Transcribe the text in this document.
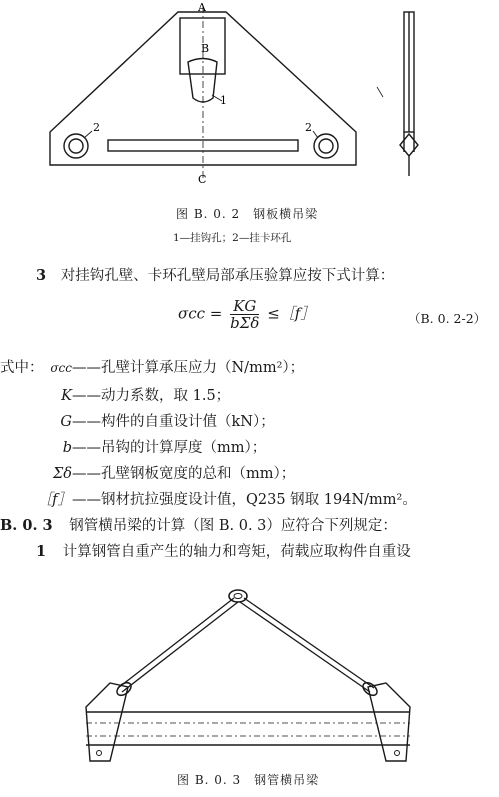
A
B
C
1
2	2
图 B. 0. 2　钢板横吊梁
1—挂钩孔；2—挂卡环孔
3 对挂钩孔壁、卡环孔壁局部承压验算应按下式计算：
$\sigma cc = \frac{KG}{\text{bΣδ}}$ ≤［f］	（B. 0. 2-2）
式中： σcc——孔壁计算承压应力（N/mm²）；
K——动力系数，取 1.5；
G——构件的自重设计值（kN）；
b——吊钩的计算厚度（mm）；
Σδ——孔壁钢板宽度的总和（mm）；
［f］——钢材抗拉强度设计值，Q235 钢取 194N/mm²。
B. 0. 3 钢管横吊梁的计算（图 B. 0. 3）应符合下列规定：
1 计算钢管自重产生的轴力和弯矩，荷载应取构件自重设
图 B. 0. 3　钢管横吊梁
